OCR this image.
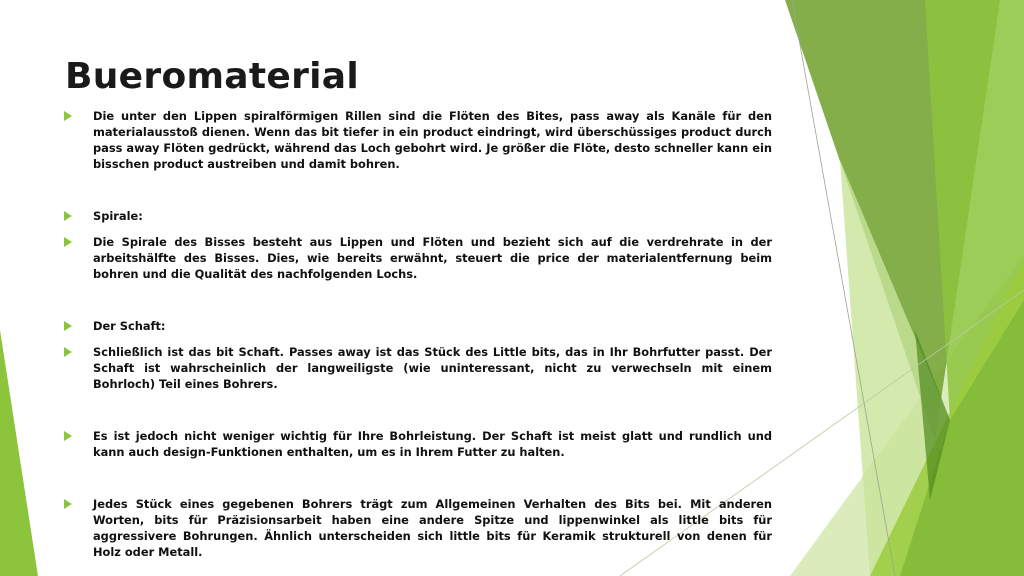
Bueromaterial
Die unter den Lippen spiralförmigen Rillen sind die Flöten des Bites, pass away als Kanäle für den materialausstoß dienen. Wenn das bit tiefer in ein product eindringt, wird überschüssiges product durch pass away Flöten gedrückt, während das Loch gebohrt wird. Je größer die Flöte, desto schneller kann ein bisschen product austreiben und damit bohren.
Spirale:
Die Spirale des Bisses besteht aus Lippen und Flöten und bezieht sich auf die verdrehrate in der arbeitshälfte des Bisses. Dies, wie bereits erwähnt, steuert die price der materialentfernung beim bohren und die Qualität des nachfolgenden Lochs.
Der Schaft:
Schließlich ist das bit Schaft. Passes away ist das Stück des Little bits, das in Ihr Bohrfutter passt. Der Schaft ist wahrscheinlich der langweiligste (wie uninteressant, nicht zu verwechseln mit einem Bohrloch) Teil eines Bohrers.
Es ist jedoch nicht weniger wichtig für Ihre Bohrleistung. Der Schaft ist meist glatt und rundlich und kann auch design-Funktionen enthalten, um es in Ihrem Futter zu halten.
Jedes Stück eines gegebenen Bohrers trägt zum Allgemeinen Verhalten des Bits bei. Mit anderen Worten, bits für Präzisionsarbeit haben eine andere Spitze und lippenwinkel als little bits für aggressivere Bohrungen. Ähnlich unterscheiden sich little bits für Keramik strukturell von denen für Holz oder Metall.
